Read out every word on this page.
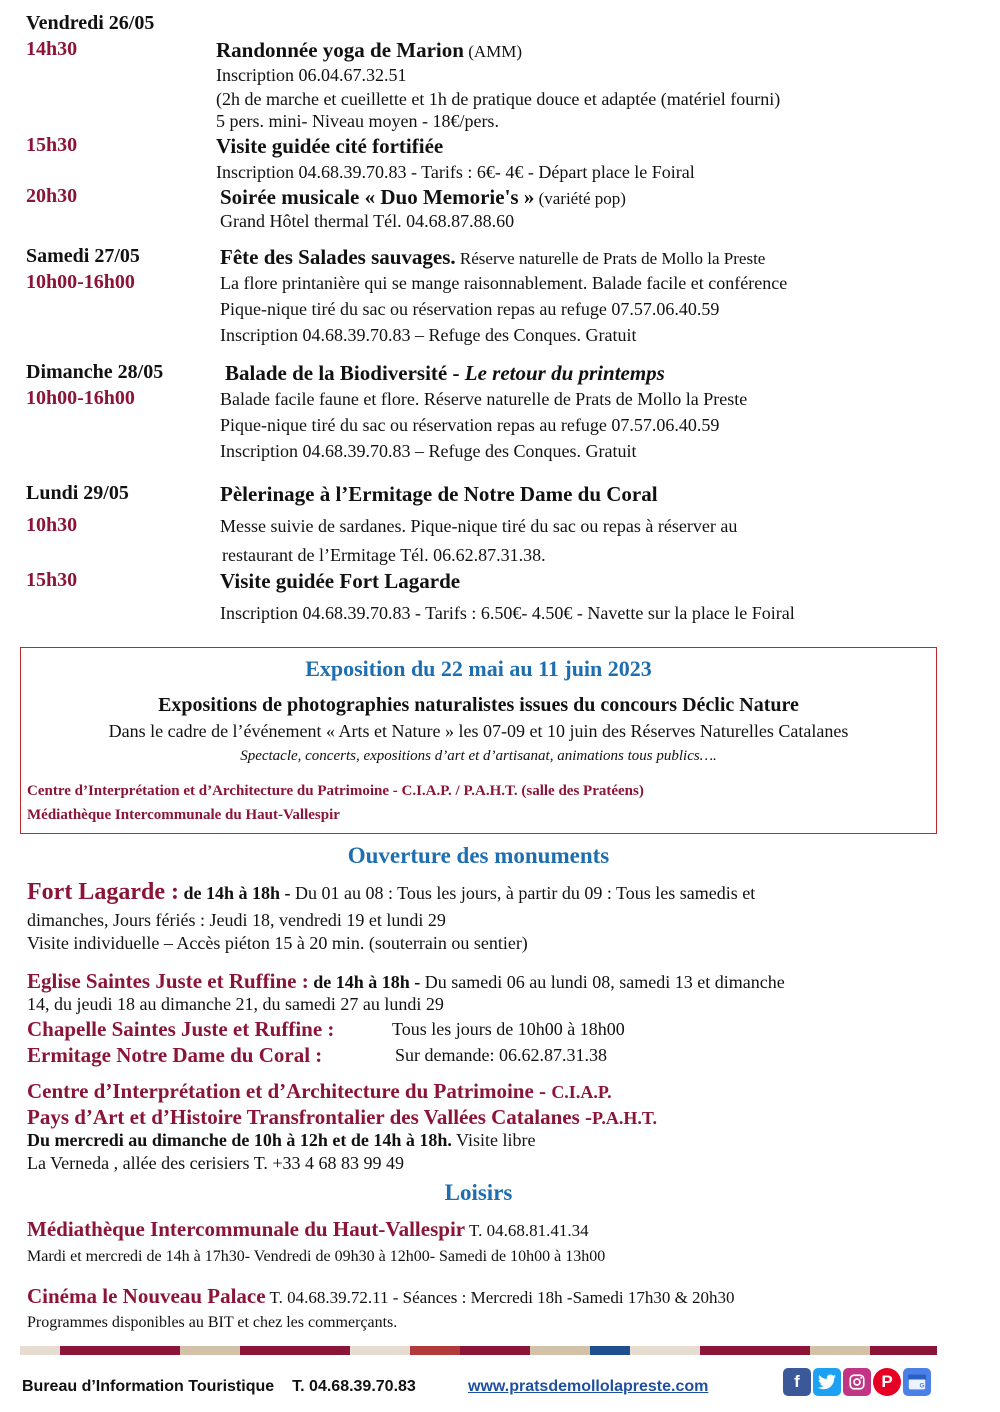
Vendredi 26/05
14h30	Randonnée yoga de Marion (AMM)
Inscription 06.04.67.32.51
(2h de marche et cueillette et 1h de pratique douce et adaptée (matériel fourni)
5 pers. mini- Niveau moyen - 18€/pers.
15h30	Visite guidée cité fortifiée
Inscription 04.68.39.70.83 - Tarifs : 6€- 4€ - Départ place le Foiral
20h30	Soirée musicale « Duo Memorie's » (variété pop)
Grand Hôtel thermal Tél. 04.68.87.88.60
Samedi 27/05	Fête des Salades sauvages. Réserve naturelle de Prats de Mollo la Preste
10h00-16h00	La flore printanière qui se mange raisonnablement. Balade facile et conférence
Pique-nique tiré du sac ou réservation repas au refuge 07.57.06.40.59
Inscription 04.68.39.70.83 – Refuge des Conques. Gratuit
Dimanche 28/05	Balade de la Biodiversité - Le retour du printemps
10h00-16h00	Balade facile faune et flore. Réserve naturelle de Prats de Mollo la Preste
Pique-nique tiré du sac ou réservation repas au refuge 07.57.06.40.59
Inscription 04.68.39.70.83 – Refuge des Conques. Gratuit
Lundi 29/05	Pèlerinage à l’Ermitage de Notre Dame du Coral
10h30	Messe suivie de sardanes. Pique-nique tiré du sac ou repas à réserver au
restaurant de l’Ermitage Tél. 06.62.87.31.38.
15h30	Visite guidée Fort Lagarde
Inscription 04.68.39.70.83 - Tarifs : 6.50€- 4.50€ - Navette sur la place le Foiral
Exposition du 22 mai au 11 juin 2023
Expositions de photographies naturalistes issues du concours Déclic Nature
Dans le cadre de l’événement « Arts et Nature » les 07-09 et 10 juin des Réserves Naturelles Catalanes
Spectacle, concerts, expositions d’art et d’artisanat, animations tous publics….
Centre d’Interprétation et d’Architecture du Patrimoine - C.I.A.P. / P.A.H.T. (salle des Pratéens)
Médiathèque Intercommunale du Haut-Vallespir
Ouverture des monuments
Fort Lagarde : de 14h à 18h - Du 01 au 08 : Tous les jours, à partir du 09 : Tous les samedis et
dimanches, Jours fériés : Jeudi 18, vendredi 19 et lundi 29
Visite individuelle – Accès piéton 15 à 20 min. (souterrain ou sentier)
Eglise Saintes Juste et Ruffine : de 14h à 18h - Du samedi 06 au lundi 08, samedi 13 et dimanche
14, du jeudi 18 au dimanche 21, du samedi 27 au lundi 29
Chapelle Saintes Juste et Ruffine :	Tous les jours de 10h00 à 18h00
Ermitage Notre Dame du Coral :	Sur demande: 06.62.87.31.38
Centre d’Interprétation et d’Architecture du Patrimoine - C.I.A.P.
Pays d’Art et d’Histoire Transfrontalier des Vallées Catalanes -P.A.H.T.
Du mercredi au dimanche de 10h à 12h et de 14h à 18h. Visite libre
La Verneda , allée des cerisiers T. +33 4 68 83 99 49
Loisirs
Médiathèque Intercommunale du Haut-Vallespir T. 04.68.81.41.34
Mardi et mercredi de 14h à 17h30- Vendredi de 09h30 à 12h00- Samedi de 10h00 à 13h00
Cinéma le Nouveau Palace T. 04.68.39.72.11 - Séances : Mercredi 18h -Samedi 17h30 & 20h30
Programmes disponibles au BIT et chez les commerçants.
Bureau d’Information Touristique T. 04.68.39.70.83	www.pratsdemollolapreste.com	f	P	G
